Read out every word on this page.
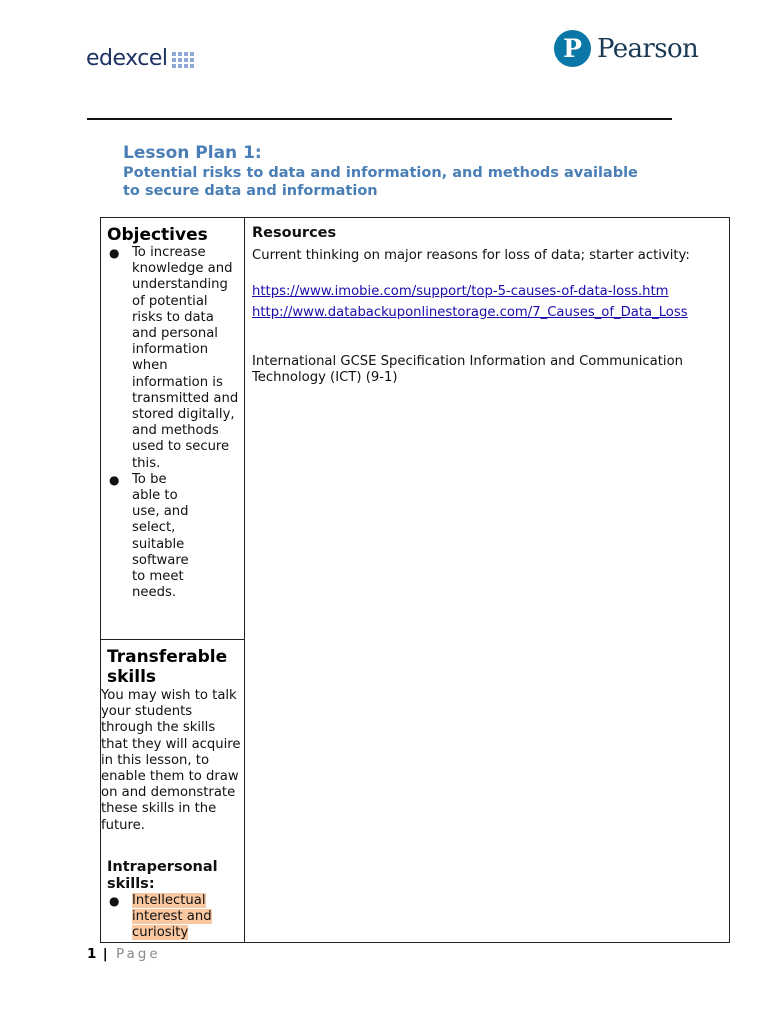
edexcel	P Pearson
Lesson Plan 1:
Potential risks to data and information, and methods available to secure data and information
Objectives
● To increase knowledge and understanding of potential risks to data and personal information when information is transmitted and stored digitally, and methods used to secure this.
● To be able to use, and select, suitable software to meet needs.
Transferable skills
You may wish to talk your students through the skills that they will acquire in this lesson, to enable them to draw on and demonstrate these skills in the future.
Intrapersonal skills:
● Intellectual interest and curiosity
Resources
Current thinking on major reasons for loss of data; starter activity:
https://www.imobie.com/support/top-5-causes-of-data-loss.htm
http://www.databackuponlinestorage.com/7_Causes_of_Data_Loss
International GCSE Specification Information and Communication Technology (ICT) (9-1)
1 | Page
